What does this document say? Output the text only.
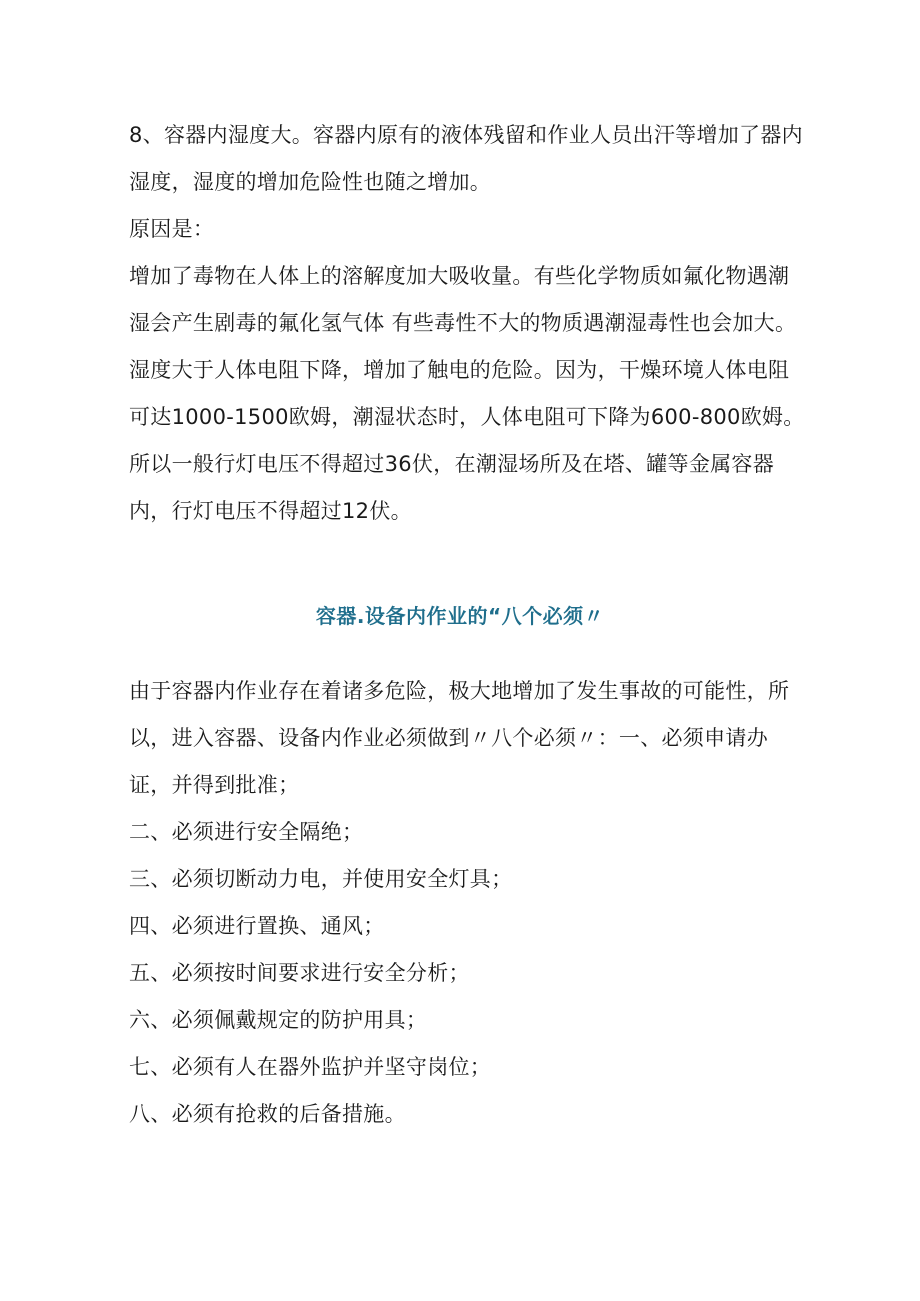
8、容器内湿度大。容器内原有的液体残留和作业人员出汗等增加了器内湿度，湿度的增加危险性也随之增加。

原因是：

增加了毒物在人体上的溶解度加大吸收量。有些化学物质如氟化物遇潮湿会产生剧毒的氟化氢气体 有些毒性不大的物质遇潮湿毒性也会加大。湿度大于人体电阻下降，增加了触电的危险。因为，干燥环境人体电阻可达1000-1500欧姆，潮湿状态时，人体电阻可下降为600-800欧姆。所以一般行灯电压不得超过36伏，在潮湿场所及在塔、罐等金属容器内，行灯电压不得超过12伏。

容器.设备内作业的“八个必须〃

由于容器内作业存在着诸多危险，极大地增加了发生事故的可能性，所以，进入容器、设备内作业必须做到〃八个必须〃：一、必须申请办证，并得到批准；

二、必须进行安全隔绝；

三、必须切断动力电，并使用安全灯具；

四、必须进行置换、通风；

五、必须按时间要求进行安全分析；

六、必须佩戴规定的防护用具；

七、必须有人在器外监护并坚守岗位；

八、必须有抢救的后备措施。
